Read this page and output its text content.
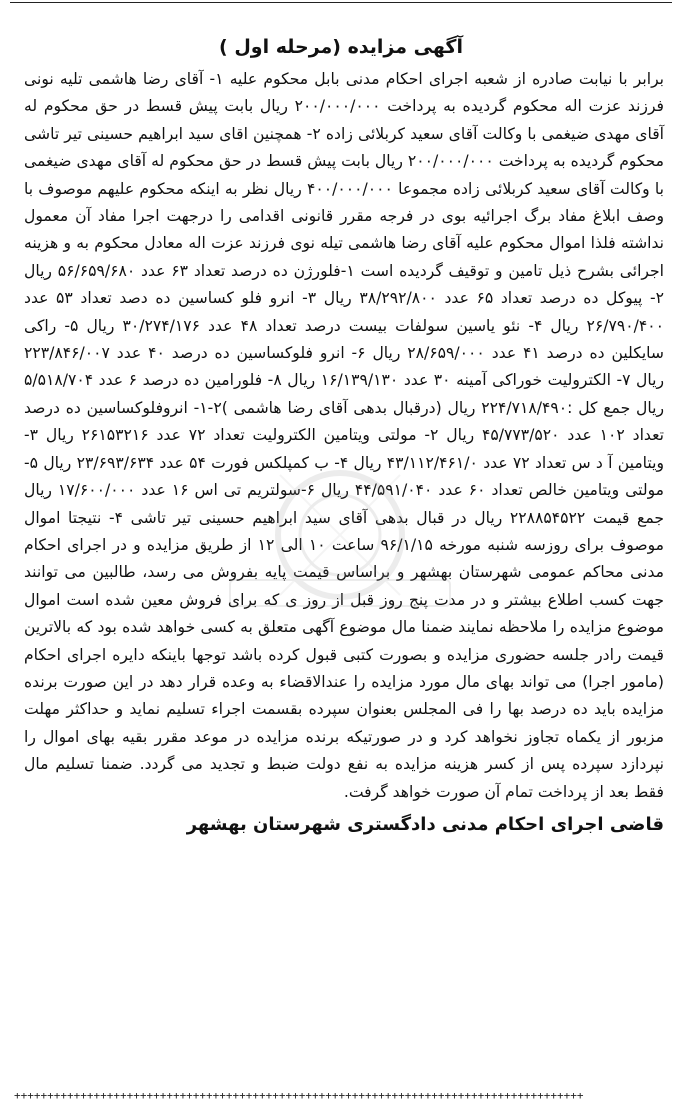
آگهی مزایده (مرحله اول )
برابر با نیابت صادره از شعبه اجرای احکام مدنی بابل محکوم علیه ۱- آقای رضا هاشمی تلیه نونی فرزند عزت اله محکوم گردیده به پرداخت ۲۰۰/۰۰۰/۰۰۰ ریال بابت پیش قسط در حق محکوم له آقای مهدی ضیغمی با وکالت آقای سعید کربلائی زاده ۲- همچنین اقای سید ابراهیم حسینی تیر تاشی محکوم گردیده به پرداخت ۲۰۰/۰۰۰/۰۰۰ ریال بابت پیش قسط در حق محکوم له آقای مهدی ضیغمی با وکالت آقای سعید کربلائی زاده مجموعا ۴۰۰/۰۰۰/۰۰۰ ریال نظر به اینکه محکوم علیهم موصوف با وصف ابلاغ مفاد برگ اجرائیه بوی در فرجه مقرر قانونی اقدامی را درجهت اجرا مفاد آن معمول نداشته فلذا اموال محکوم علیه آقای رضا هاشمی تیله نوی فرزند عزت اله معادل محکوم به و هزینه اجرائی بشرح ذیل تامین و توقیف گردیده است ۱-فلورژن ده درصد تعداد ۶۳ عدد ۵۶/۶۵۹/۶۸۰ ریال ۲- پیوکل ده درصد تعداد ۶۵ عدد ۳۸/۲۹۲/۸۰۰ ریال ۳- انرو فلو کساسین ده دصد تعداد ۵۳ عدد ۲۶/۷۹۰/۴۰۰ ریال ۴- نئو یاسین سولفات بیست درصد تعداد ۴۸ عدد ۳۰/۲۷۴/۱۷۶ ریال ۵- راکی سایکلین ده درصد ۴۱ عدد ۲۸/۶۵۹/۰۰۰ ریال ۶- انرو فلوکساسین ده درصد ۴۰ عدد ۲۲۳/۸۴۶/۰۰۷ ریال ۷- الکترولیت خوراکی آمینه ۳۰ عدد ۱۶/۱۳۹/۱۳۰ ریال ۸- فلورامین ده درصد ۶ عدد ۵/۵۱۸/۷۰۴ ریال جمع کل :۲۲۴/۷۱۸/۴۹۰ ریال (درقبال بدهی آقای رضا هاشمی )۲-۱- انروفلوکساسین ده درصد تعداد ۱۰۲ عدد ۴۵/۷۷۳/۵۲۰ ریال ۲- مولتی ویتامین الکترولیت تعداد ۷۲ عدد ۲۶۱۵۳۲۱۶ ریال ۳- ویتامین آ د س تعداد ۷۲ عدد ۴۳/۱۱۲/۴۶۱/۰ ریال ۴- ب کمپلکس فورت ۵۴ عدد ۲۳/۶۹۳/۶۳۴ ریال ۵- مولتی ویتامین خالص تعداد ۶۰ عدد ۴۴/۵۹۱/۰۴۰ ریال ۶-سولتریم تی اس ۱۶ عدد ۱۷/۶۰۰/۰۰۰ ریال جمع قیمت ۲۲۸۸۵۴۵۲۲ ریال در قبال بدهی آقای سید ابراهیم حسینی تیر تاشی ۴- نتیجتا اموال موصوف برای روزسه شنبه مورخه ۹۶/۱/۱۵ ساعت ۱۰ الی ۱۲ از طریق مزایده و در اجرای احکام مدنی محاکم عمومی شهرستان بهشهر و براساس قیمت پایه بفروش می رسد، طالبین می توانند جهت کسب اطلاع بیشتر و در مدت پنج روز قبل از روز ی که برای فروش معین شده است اموال موضوع مزایده را ملاحظه نمایند ضمنا مال موضوع آگهی متعلق به کسی خواهد شده بود که بالاترین قیمت رادر جلسه حضوری مزایده و بصورت کتبی قبول کرده باشد توجها باینکه دایره اجرای احکام (مامور اجرا) می تواند بهای مال مورد مزایده را عندالاقضاء به وعده قرار دهد در این صورت برنده مزایده باید ده درصد بها را فی المجلس بعنوان سپرده بقسمت اجراء تسلیم نماید و حداکثر مهلت مزبور از یکماه تجاوز نخواهد کرد و در صورتیکه برنده مزایده در موعد مقرر بقیه بهای اموال را نپردازد سپرده پس از کسر هزینه مزایده به نفع دولت ضبط و تجدید می گردد. ضمنا تسلیم مال فقط بعد از پرداخت تمام آن صورت خواهد گرفت.
قاضی اجرای احکام مدنی دادگستری شهرستان بهشهر
++++++++++++++++++++++++++++++++++++++++++++++++++++++++++++++++++++++++++++++++++++++
